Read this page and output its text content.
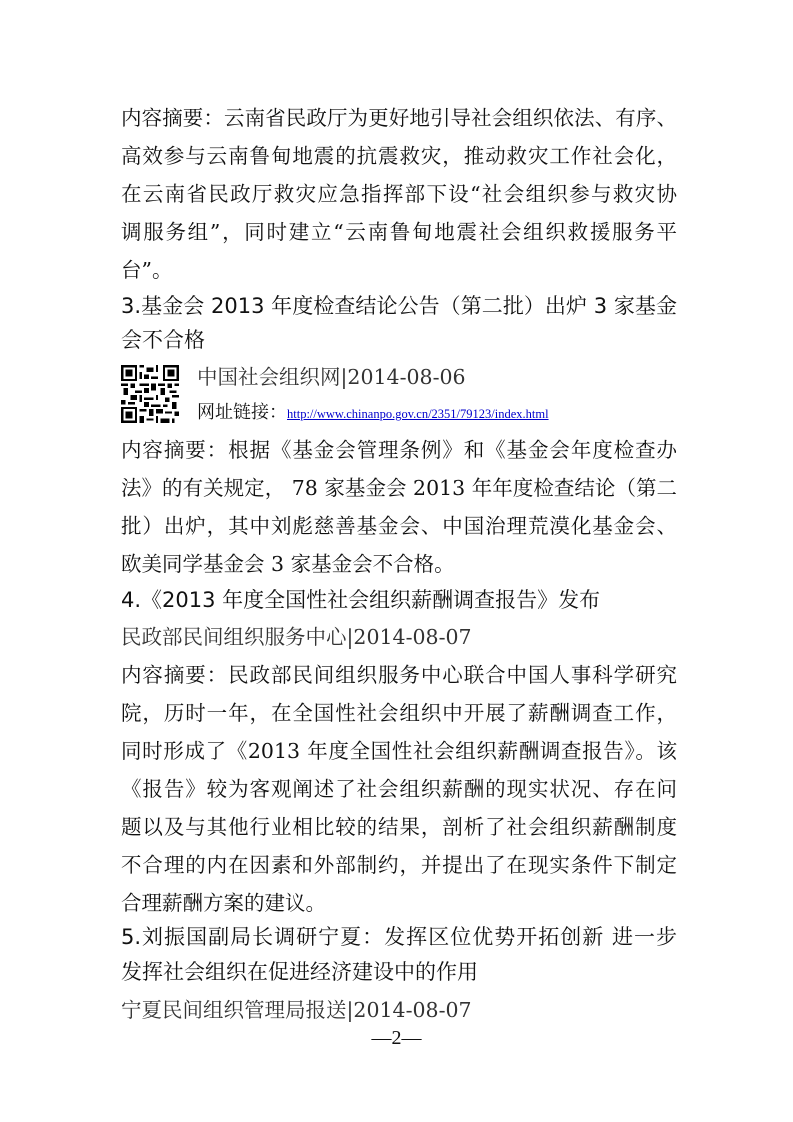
内容摘要：云南省民政厅为更好地引导社会组织依法、有序、
高效参与云南鲁甸地震的抗震救灾，推动救灾工作社会化，
在云南省民政厅救灾应急指挥部下设“社会组织参与救灾协
调服务组”，同时建立“云南鲁甸地震社会组织救援服务平
台”。
3.基金会 2013 年度检查结论公告（第二批）出炉 3 家基金
会不合格
中国社会组织网|2014-08-06
网址链接：http://www.chinanpo.gov.cn/2351/79123/index.html
内容摘要：根据《基金会管理条例》和《基金会年度检查办
法》的有关规定， 78 家基金会 2013 年年度检查结论（第二
批）出炉，其中刘彪慈善基金会、中国治理荒漠化基金会、
欧美同学基金会 3 家基金会不合格。
4.《2013 年度全国性社会组织薪酬调查报告》发布
民政部民间组织服务中心|2014-08-07
内容摘要：民政部民间组织服务中心联合中国人事科学研究
院，历时一年，在全国性社会组织中开展了薪酬调查工作，
同时形成了《2013 年度全国性社会组织薪酬调查报告》。该
《报告》较为客观阐述了社会组织薪酬的现实状况、存在问
题以及与其他行业相比较的结果，剖析了社会组织薪酬制度
不合理的内在因素和外部制约，并提出了在现实条件下制定
合理薪酬方案的建议。
5.刘振国副局长调研宁夏：发挥区位优势开拓创新 进一步
发挥社会组织在促进经济建设中的作用
宁夏民间组织管理局报送|2014-08-07
—2—
